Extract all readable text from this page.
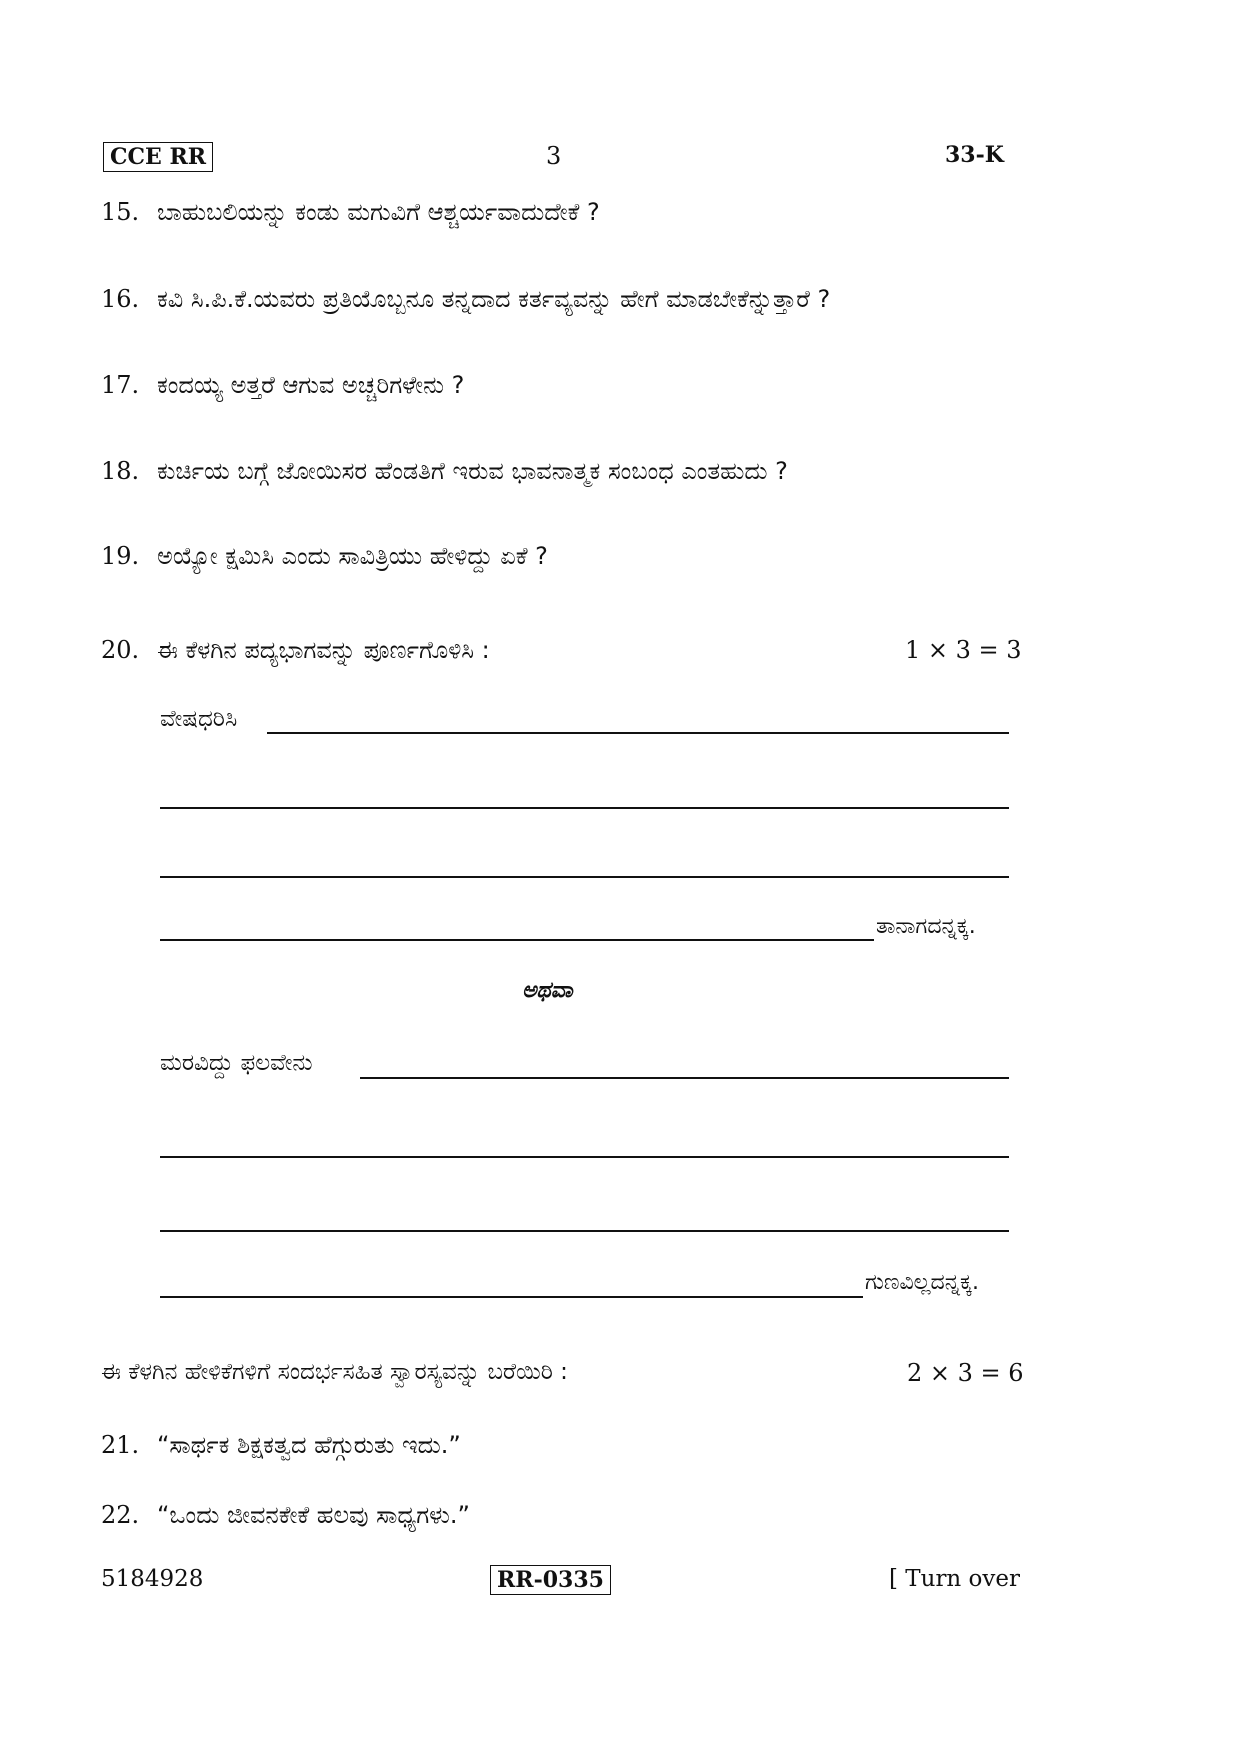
CCE RR	3	33-K
15. ಬಾಹುಬಲಿಯನ್ನು ಕಂಡು ಮಗುವಿಗೆ ಆಶ್ಚರ್ಯವಾದುದೇಕೆ ?
16. ಕವಿ ಸಿ.ಪಿ.ಕೆ.ಯವರು ಪ್ರತಿಯೊಬ್ಬನೂ ತನ್ನದಾದ ಕರ್ತವ್ಯವನ್ನು ಹೇಗೆ ಮಾಡಬೇಕೆನ್ನುತ್ತಾರೆ ?
17. ಕಂದಯ್ಯ ಅತ್ತರೆ ಆಗುವ ಅಚ್ಚರಿಗಳೇನು ?
18. ಕುರ್ಚಿಯ ಬಗ್ಗೆ ಜೋಯಿಸರ ಹೆಂಡತಿಗೆ ಇರುವ ಭಾವನಾತ್ಮಕ ಸಂಬಂಧ ಎಂತಹುದು ?
19. ಅಯ್ಯೋ ಕ್ಷಮಿಸಿ ಎಂದು ಸಾವಿತ್ರಿಯು ಹೇಳಿದ್ದು ಏಕೆ ?
20. ಈ ಕೆಳಗಿನ ಪದ್ಯಭಾಗವನ್ನು ಪೂರ್ಣಗೊಳಿಸಿ :	1 × 3 = 3
ವೇಷಧರಿಸಿ
ತಾನಾಗದನ್ನಕ್ಕ.
ಅಥವಾ
ಮರವಿದ್ದು ಫಲವೇನು
ಗುಣವಿಲ್ಲದನ್ನಕ್ಕ.
ಈ ಕೆಳಗಿನ ಹೇಳಿಕೆಗಳಿಗೆ ಸಂದರ್ಭಸಹಿತ ಸ್ವಾರಸ್ಯವನ್ನು ಬರೆಯಿರಿ :	2 × 3 = 6
21. “ಸಾರ್ಥಕ ಶಿಕ್ಷಕತ್ವದ ಹೆಗ್ಗುರುತು ಇದು.”
22. “ಒಂದು ಜೀವನಕೇಕೆ ಹಲವು ಸಾಧ್ಯಗಳು.”
5184928	RR-0335	[ Turn over
